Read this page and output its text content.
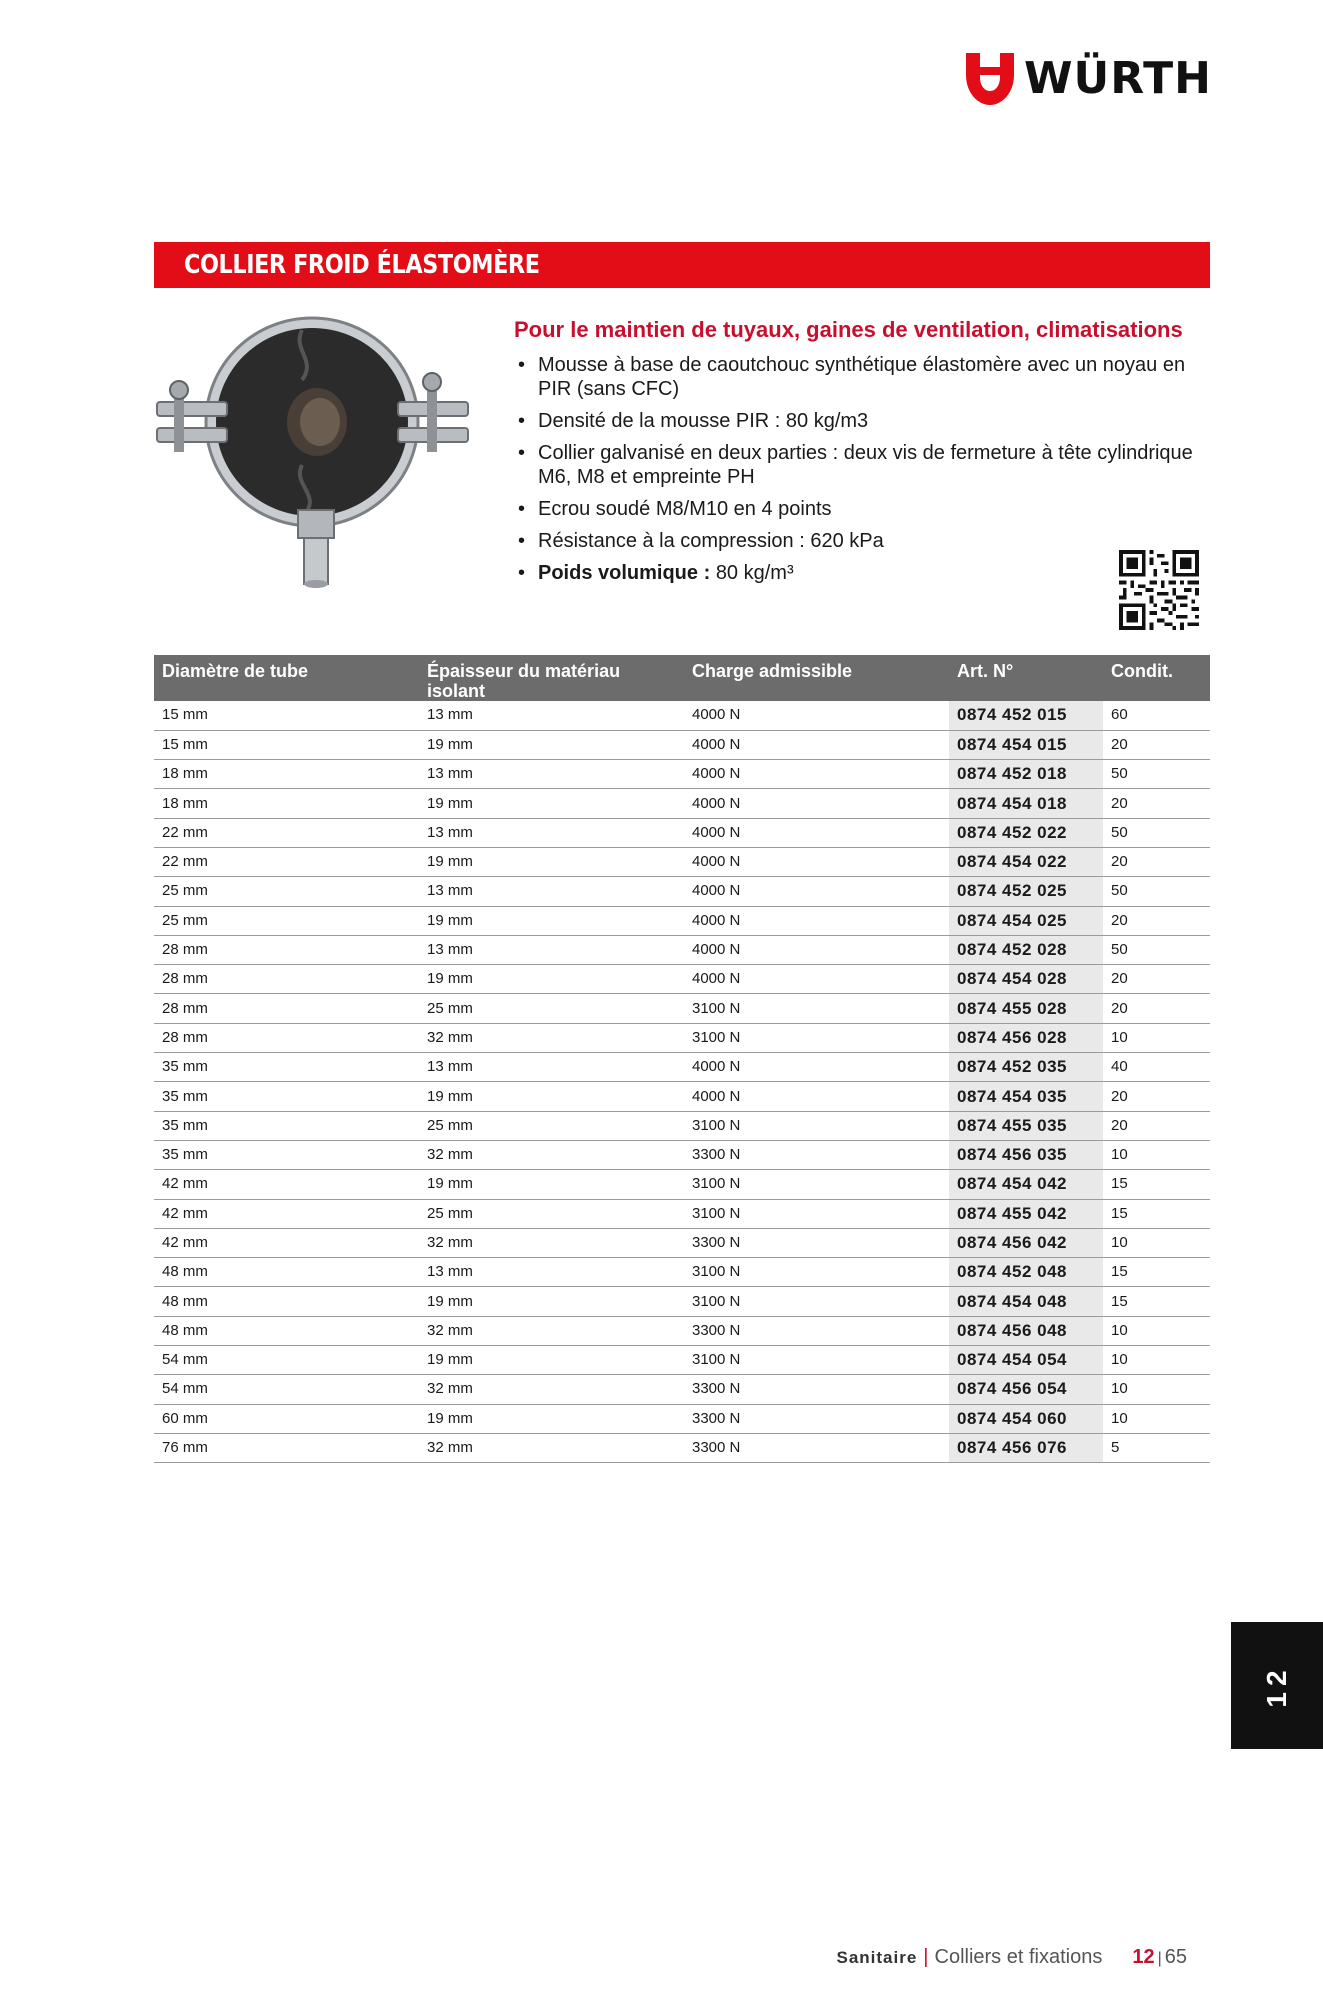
WÜRTH
COLLIER FROID ÉLASTOMÈRE
Pour le maintien de tuyaux, gaines de ventilation, climatisations
• Mousse à base de caoutchouc synthétique élastomère avec un noyau en PIR (sans CFC)
• Densité de la mousse PIR : 80 kg/m3
• Collier galvanisé en deux parties : deux vis de fermeture à tête cylindrique M6, M8 et empreinte PH
• Ecrou soudé M8/M10 en 4 points
• Résistance à la compression : 620 kPa
• Poids volumique : 80 kg/m³
Diamètre de tube	Épaisseur du matériau isolant	Charge admissible	Art. N°	Condit.
15 mm	13 mm	4000 N	0874 452 015	60
15 mm	19 mm	4000 N	0874 454 015	20
18 mm	13 mm	4000 N	0874 452 018	50
18 mm	19 mm	4000 N	0874 454 018	20
22 mm	13 mm	4000 N	0874 452 022	50
22 mm	19 mm	4000 N	0874 454 022	20
25 mm	13 mm	4000 N	0874 452 025	50
25 mm	19 mm	4000 N	0874 454 025	20
28 mm	13 mm	4000 N	0874 452 028	50
28 mm	19 mm	4000 N	0874 454 028	20
28 mm	25 mm	3100 N	0874 455 028	20
28 mm	32 mm	3100 N	0874 456 028	10
35 mm	13 mm	4000 N	0874 452 035	40
35 mm	19 mm	4000 N	0874 454 035	20
35 mm	25 mm	3100 N	0874 455 035	20
35 mm	32 mm	3300 N	0874 456 035	10
42 mm	19 mm	3100 N	0874 454 042	15
42 mm	25 mm	3100 N	0874 455 042	15
42 mm	32 mm	3300 N	0874 456 042	10
48 mm	13 mm	3100 N	0874 452 048	15
48 mm	19 mm	3100 N	0874 454 048	15
48 mm	32 mm	3300 N	0874 456 048	10
54 mm	19 mm	3100 N	0874 454 054	10
54 mm	32 mm	3300 N	0874 456 054	10
60 mm	19 mm	3300 N	0874 454 060	10
76 mm	32 mm	3300 N	0874 456 076	5
12
Sanitaire | Colliers et fixations 12 | 65
